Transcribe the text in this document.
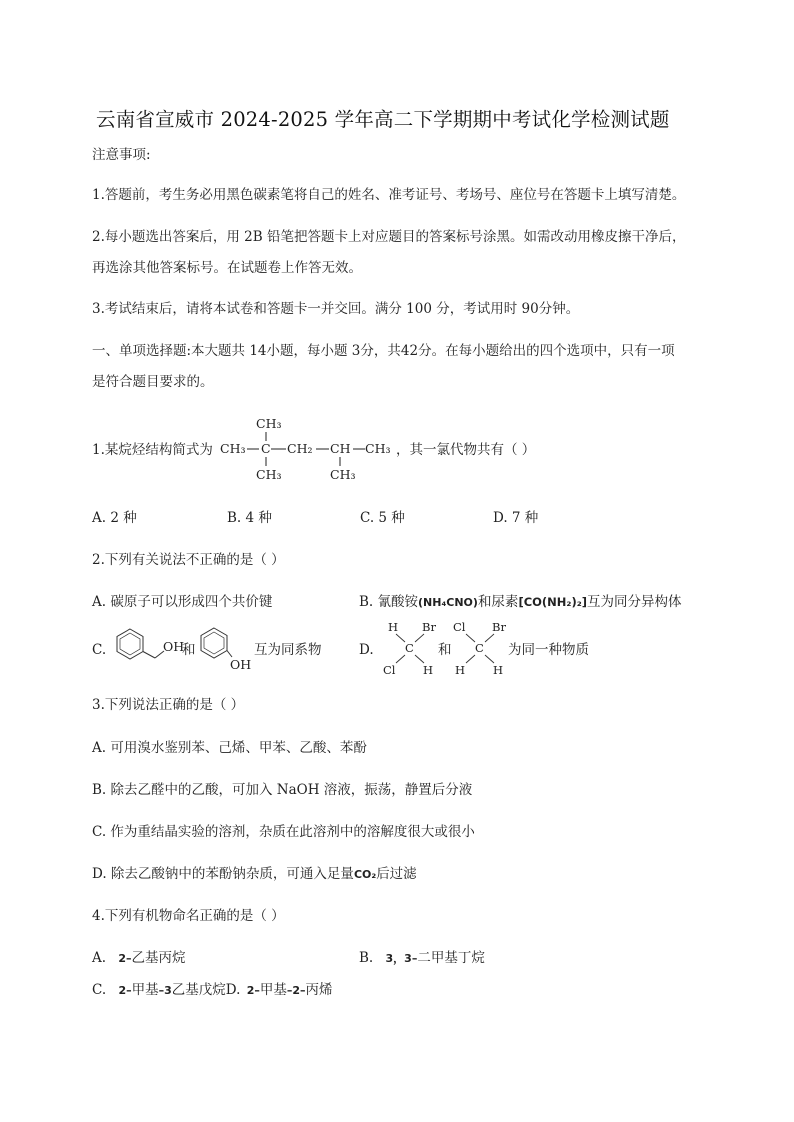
云南省宣威市 2024-2025 学年高二下学期期中考试化学检测试题
注意事项:
1.答题前，考生务必用黑色碳素笔将自己的姓名、准考证号、考场号、座位号在答题卡上填写清楚。
2.每小题选出答案后，用 2B 铅笔把答题卡上对应题目的答案标号涂黑。如需改动用橡皮擦干净后，
再选涂其他答案标号。在试题卷上作答无效。
3.考试结束后，请将本试卷和答题卡一并交回。满分 100 分，考试用时 90分钟。
一、单项选择题:本大题共 14小题，每小题 3分，共42分。在每小题给出的四个选项中，只有一项
是符合题目要求的。
1.某烷烃结构简式为
CH₃
CH₃ C CH₂ CH CH₃
CH₃	CH₃
，其一氯代物共有（ ）
A. 2 种	B. 4 种	C. 5 种	D. 7 种
2.下列有关说法不正确的是（ ）
A. 碳原子可以形成四个共价键	B. 氰酸铵(NH₄CNO)和尿素[CO(NH₂)₂]互为同分异构体
C.	OH
和
OH
互为同系物	D.
H Br
C
Cl H
和
Cl Br
C
H H
为同一种物质
3.下列说法正确的是（ ）
A. 可用溴水鉴别苯、己烯、甲苯、乙酸、苯酚
B. 除去乙醛中的乙酸，可加入 NaOH 溶液，振荡，静置后分液
C. 作为重结晶实验的溶剂，杂质在此溶剂中的溶解度很大或很小
D. 除去乙酸钠中的苯酚钠杂质，可通入足量CO₂后过滤
4.下列有机物命名正确的是（ ）
A. 2–乙基丙烷	B. 3，3–二甲基丁烷
C. 2–甲基–3乙基戊烷D. 2–甲基–2–丙烯
